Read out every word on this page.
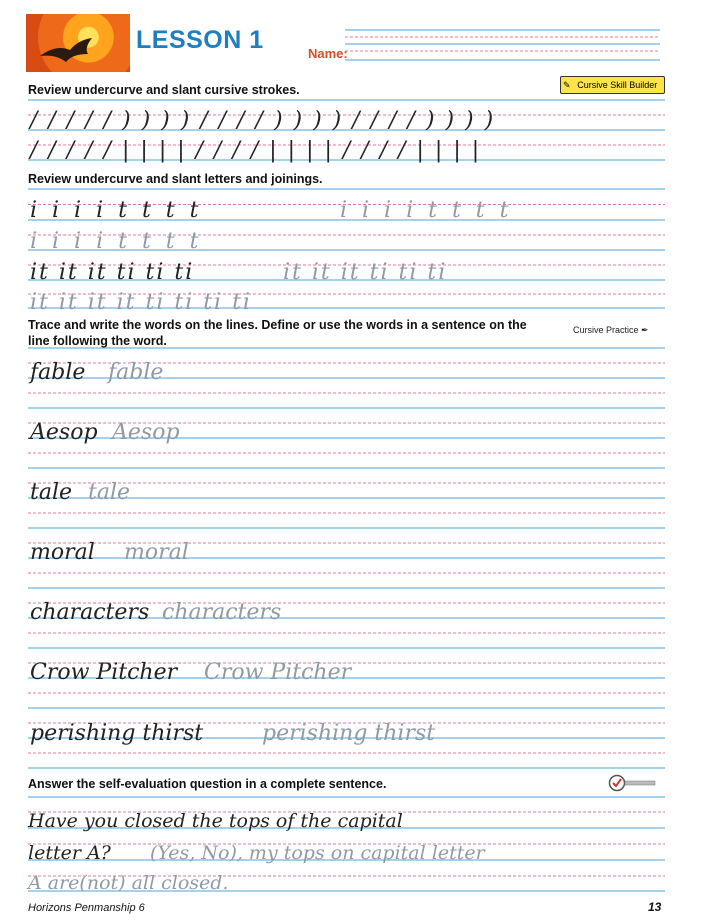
LESSON 1	Name:
Review undercurve and slant cursive strokes.	✎ Cursive Skill Builder
/ / / / / ) ) ) ) / / / / ) ) ) ) / / / / ) ) ) )
/ / / / / | | | | / / / / | | | | / / / / | | | |
Review undercurve and slant letters and joinings.
i i i i t t t t	i i i i t t t t
i i i i t t t t
it it it ti ti ti	it it it ti ti ti
it it it it ti ti ti ti
Trace and write the words on the lines. Define or use the words in a sentence on the
line following the word.
Cursive Practice ✒
fable fable
Aesop Aesop
tale tale
moral moral
characters characters
Crow Pitcher Crow Pitcher
perishing thirst	perishing thirst
Answer the self-evaluation question in a complete sentence.
Have you closed the tops of the capital
letter A? (Yes, No), my tops on capital letter
A are(not) all closed.
Horizons Penmanship 6	13
